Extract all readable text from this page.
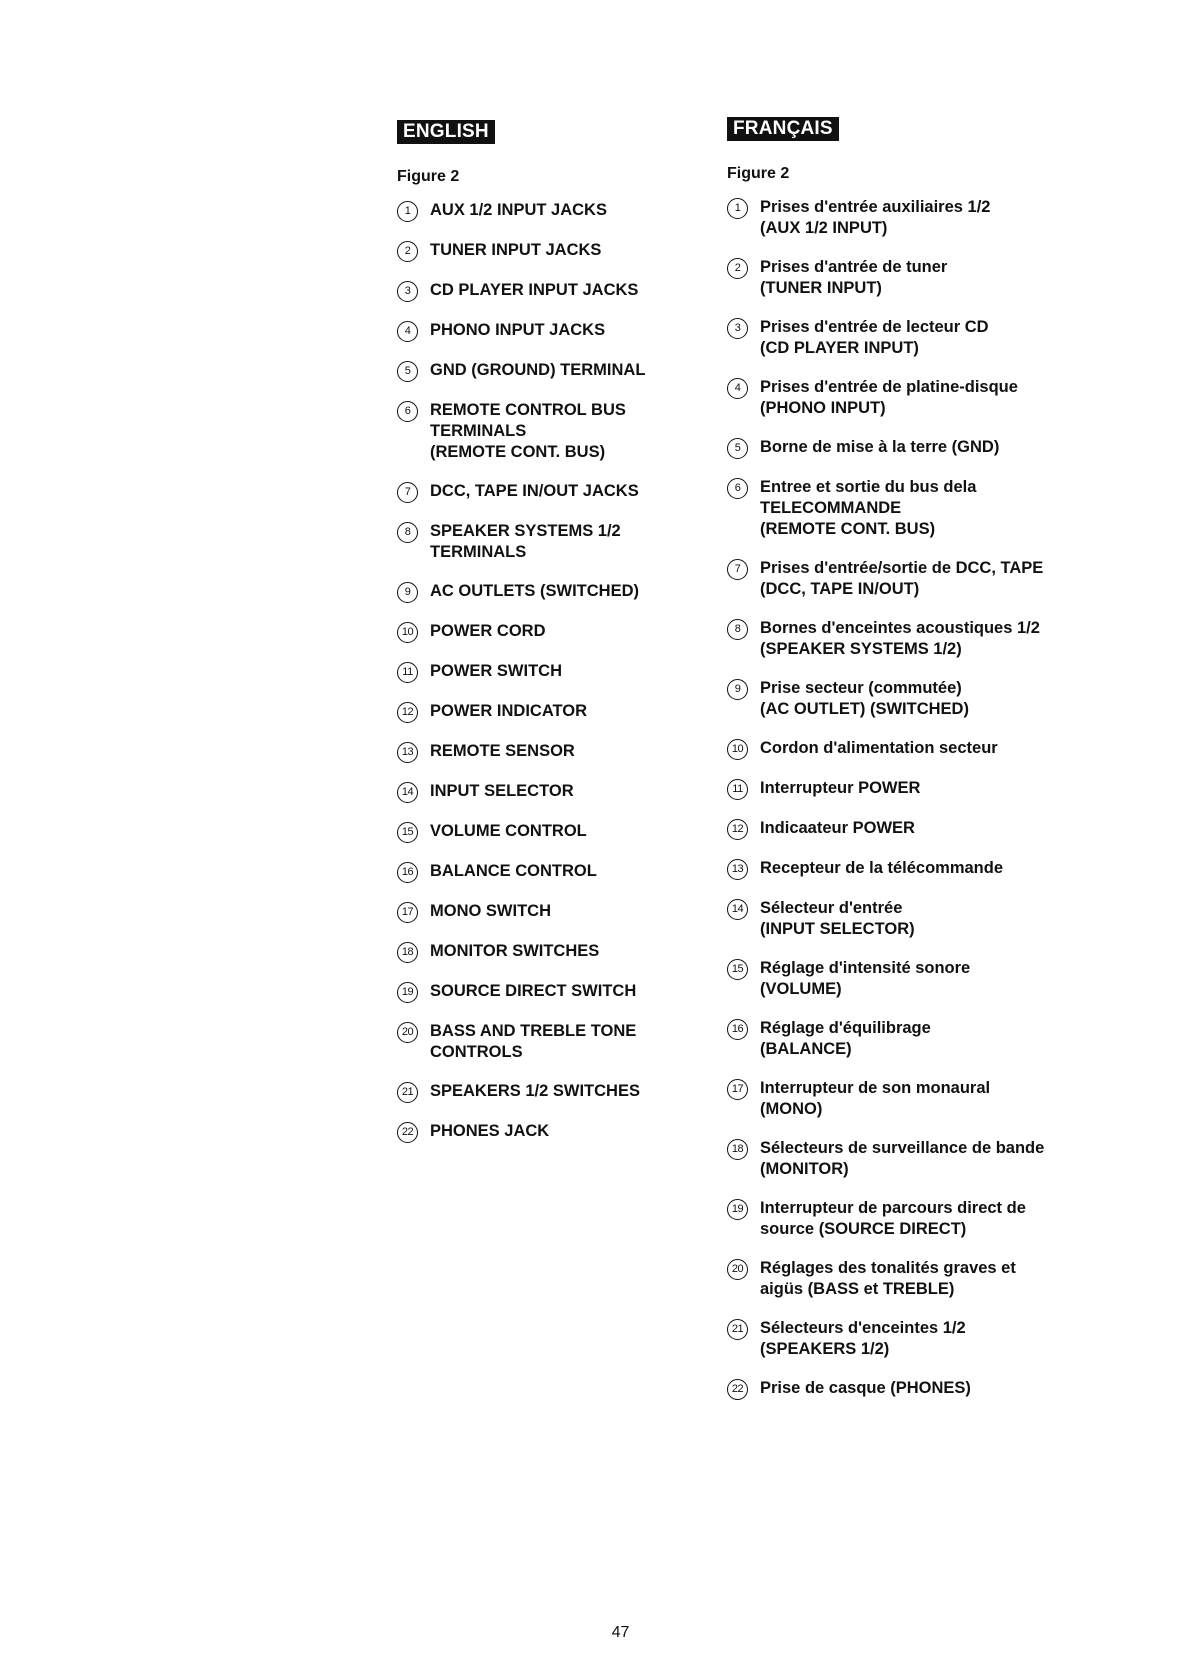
ENGLISH
Figure 2
1	AUX 1/2 INPUT JACKS
2	TUNER INPUT JACKS
3	CD PLAYER INPUT JACKS
4	PHONO INPUT JACKS
5	GND (GROUND) TERMINAL
6	REMOTE CONTROL BUS
TERMINALS
(REMOTE CONT. BUS)
7	DCC, TAPE IN/OUT JACKS
8	SPEAKER SYSTEMS 1/2
TERMINALS
9	AC OUTLETS (SWITCHED)
10 POWER CORD
11	POWER SWITCH
12 POWER INDICATOR
13 REMOTE SENSOR
14 INPUT SELECTOR
15 VOLUME CONTROL
16 BALANCE CONTROL
17 MONO SWITCH
18 MONITOR SWITCHES
19 SOURCE DIRECT SWITCH
20 BASS AND TREBLE TONE
CONTROLS
21 SPEAKERS 1/2 SWITCHES
22 PHONES JACK
FRANÇAIS
Figure 2
1	Prises d'entrée auxiliaires 1/2
(AUX 1/2 INPUT)
2	Prises d'antrée de tuner
(TUNER INPUT)
3	Prises d'entrée de lecteur CD
(CD PLAYER INPUT)
4	Prises d'entrée de platine-disque
(PHONO INPUT)
5	Borne de mise à la terre (GND)
6	Entree et sortie du bus dela
TELECOMMANDE
(REMOTE CONT. BUS)
7	Prises d'entrée/sortie de DCC, TAPE
(DCC, TAPE IN/OUT)
8	Bornes d'enceintes acoustiques 1/2
(SPEAKER SYSTEMS 1/2)
9	Prise secteur (commutée)
(AC OUTLET) (SWITCHED)
10 Cordon d'alimentation secteur
11	Interrupteur POWER
12 Indicaateur POWER
13 Recepteur de la télécommande
14 Sélecteur d'entrée
(INPUT SELECTOR)
15 Réglage d'intensité sonore
(VOLUME)
16 Réglage d'équilibrage
(BALANCE)
17 Interrupteur de son monaural
(MONO)
18 Sélecteurs de surveillance de bande
(MONITOR)
19 Interrupteur de parcours direct de
source (SOURCE DIRECT)
20 Réglages des tonalités graves et
aigüs (BASS et TREBLE)
21 Sélecteurs d'enceintes 1/2
(SPEAKERS 1/2)
22 Prise de casque (PHONES)
47
